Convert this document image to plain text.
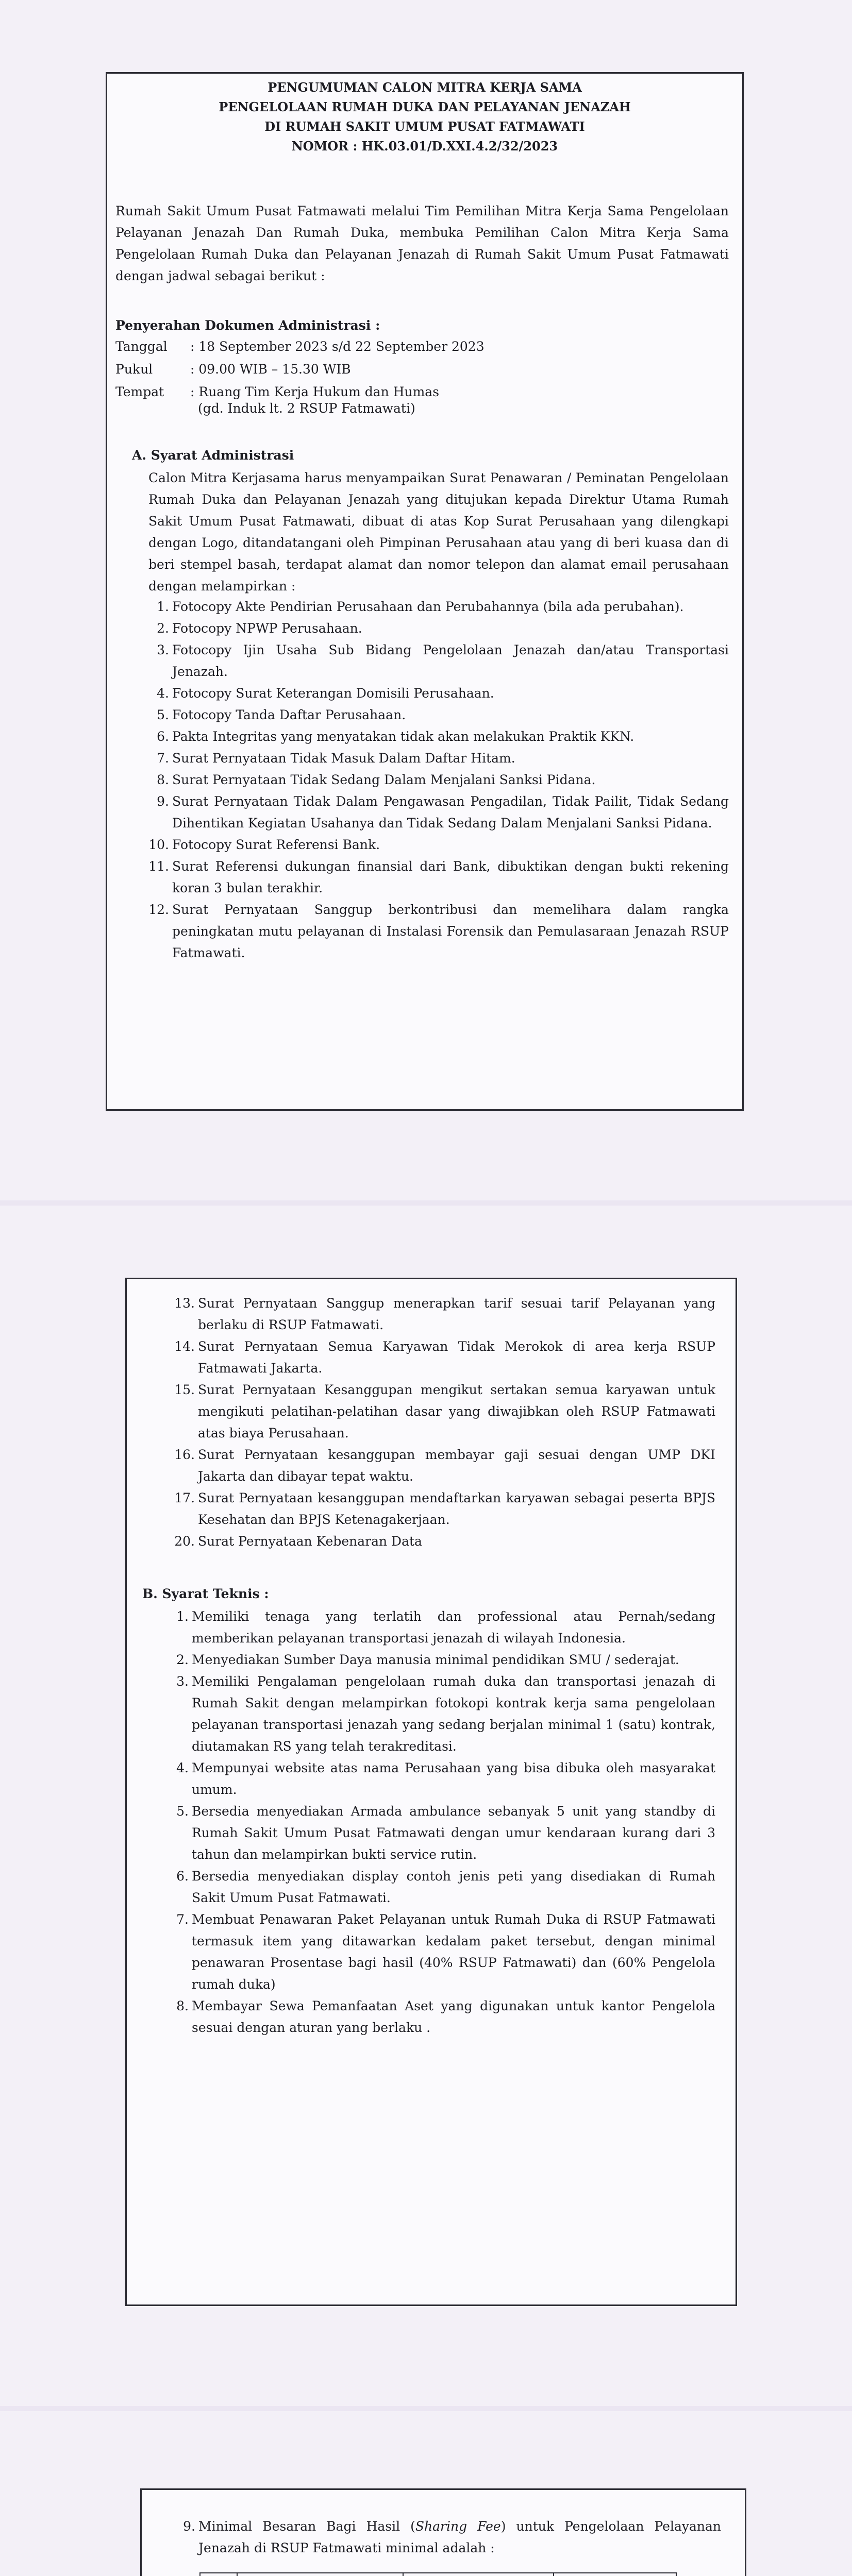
PENGUMUMAN CALON MITRA KERJA SAMA
PENGELOLAAN RUMAH DUKA DAN PELAYANAN JENAZAH
DI RUMAH SAKIT UMUM PUSAT FATMAWATI
NOMOR : HK.03.01/D.XXI.4.2/32/2023
Rumah Sakit Umum Pusat Fatmawati melalui Tim Pemilihan Mitra Kerja Sama Pengelolaan Pelayanan Jenazah Dan Rumah Duka, membuka Pemilihan Calon Mitra Kerja Sama Pengelolaan Rumah Duka dan Pelayanan Jenazah di Rumah Sakit Umum Pusat Fatmawati dengan jadwal sebagai berikut :
Penyerahan Dokumen Administrasi :
Tanggal : 18 September 2023 s/d 22 September 2023
Pukul	: 09.00 WIB – 15.30 WIB
Tempat : Ruang Tim Kerja Hukum dan Humas
(gd. Induk lt. 2 RSUP Fatmawati)
A. Syarat Administrasi
Calon Mitra Kerjasama harus menyampaikan Surat Penawaran / Peminatan Pengelolaan Rumah Duka dan Pelayanan Jenazah yang ditujukan kepada Direktur Utama Rumah Sakit Umum Pusat Fatmawati, dibuat di atas Kop Surat Perusahaan yang dilengkapi dengan Logo, ditandatangani oleh Pimpinan Perusahaan atau yang di beri kuasa dan di beri stempel basah, terdapat alamat dan nomor telepon dan alamat email perusahaan dengan melampirkan :
1. Fotocopy Akte Pendirian Perusahaan dan Perubahannya (bila ada perubahan).
2. Fotocopy NPWP Perusahaan.
3. Fotocopy Ijin Usaha Sub Bidang Pengelolaan Jenazah dan/atau Transportasi Jenazah.
4. Fotocopy Surat Keterangan Domisili Perusahaan.
5. Fotocopy Tanda Daftar Perusahaan.
6. Pakta Integritas yang menyatakan tidak akan melakukan Praktik KKN.
7. Surat Pernyataan Tidak Masuk Dalam Daftar Hitam.
8. Surat Pernyataan Tidak Sedang Dalam Menjalani Sanksi Pidana.
9. Surat Pernyataan Tidak Dalam Pengawasan Pengadilan, Tidak Pailit, Tidak Sedang Dihentikan Kegiatan Usahanya dan Tidak Sedang Dalam Menjalani Sanksi Pidana.
10. Fotocopy Surat Referensi Bank.
11. Surat Referensi dukungan finansial dari Bank, dibuktikan dengan bukti rekening koran 3 bulan terakhir.
12. Surat Pernyataan Sanggup berkontribusi dan memelihara dalam rangka peningkatan mutu pelayanan di Instalasi Forensik dan Pemulasaraan Jenazah RSUP Fatmawati.
13. Surat Pernyataan Sanggup menerapkan tarif sesuai tarif Pelayanan yang berlaku di RSUP Fatmawati.
14. Surat Pernyataan Semua Karyawan Tidak Merokok di area kerja RSUP Fatmawati Jakarta.
15. Surat Pernyataan Kesanggupan mengikut sertakan semua karyawan untuk mengikuti pelatihan-pelatihan dasar yang diwajibkan oleh RSUP Fatmawati atas biaya Perusahaan.
16. Surat Pernyataan kesanggupan membayar gaji sesuai dengan UMP DKI Jakarta dan dibayar tepat waktu.
17. Surat Pernyataan kesanggupan mendaftarkan karyawan sebagai peserta BPJS Kesehatan dan BPJS Ketenagakerjaan.
20. Surat Pernyataan Kebenaran Data
B. Syarat Teknis :
1. Memiliki tenaga yang terlatih dan professional atau Pernah/sedang memberikan pelayanan transportasi jenazah di wilayah Indonesia.
2. Menyediakan Sumber Daya manusia minimal pendidikan SMU / sederajat.
3. Memiliki Pengalaman pengelolaan rumah duka dan transportasi jenazah di Rumah Sakit dengan melampirkan fotokopi kontrak kerja sama pengelolaan pelayanan transportasi jenazah yang sedang berjalan minimal 1 (satu) kontrak, diutamakan RS yang telah terakreditasi.
4. Mempunyai website atas nama Perusahaan yang bisa dibuka oleh masyarakat umum.
5. Bersedia menyediakan Armada ambulance sebanyak 5 unit yang standby di Rumah Sakit Umum Pusat Fatmawati dengan umur kendaraan kurang dari 3 tahun dan melampirkan bukti service rutin.
6. Bersedia menyediakan display contoh jenis peti yang disediakan di Rumah Sakit Umum Pusat Fatmawati.
7. Membuat Penawaran Paket Pelayanan untuk Rumah Duka di RSUP Fatmawati termasuk item yang ditawarkan kedalam paket tersebut, dengan minimal penawaran Prosentase bagi hasil (40% RSUP Fatmawati) dan (60% Pengelola rumah duka)
8. Membayar Sewa Pemanfaatan Aset yang digunakan untuk kantor Pengelola sesuai dengan aturan yang berlaku .
9. Minimal Besaran Bagi Hasil (Sharing Fee) untuk Pengelolaan Pelayanan Jenazah di RSUP Fatmawati minimal adalah :
